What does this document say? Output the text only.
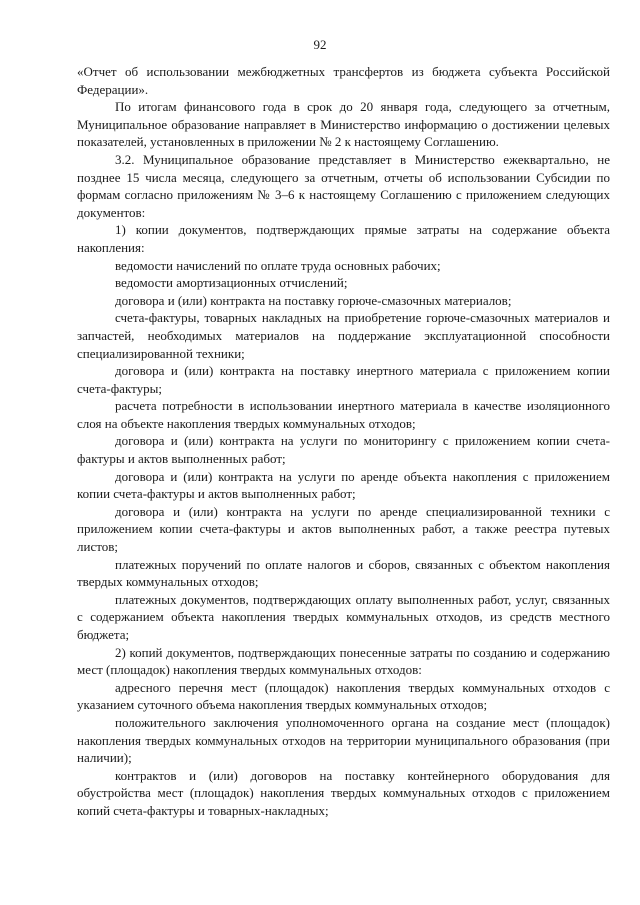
92

«Отчет об использовании межбюджетных трансфертов из бюджета субъекта Российской Федерации».

По итогам финансового года в срок до 20 января года, следующего за отчетным, Муниципальное образование направляет в Министерство информацию о достижении целевых показателей, установленных в приложении № 2 к настоящему Соглашению.

3.2. Муниципальное образование представляет в Министерство ежеквартально, не позднее 15 числа месяца, следующего за отчетным, отчеты об использовании Субсидии по формам согласно приложениям № 3–6 к настоящему Соглашению с приложением следующих документов:

1) копии документов, подтверждающих прямые затраты на содержание объекта накопления:

ведомости начислений по оплате труда основных рабочих;

ведомости амортизационных отчислений;

договора и (или) контракта на поставку горюче-смазочных материалов;

счета-фактуры, товарных накладных на приобретение горюче-смазочных материалов и запчастей, необходимых материалов на поддержание эксплуатационной способности специализированной техники;

договора и (или) контракта на поставку инертного материала с приложением копии счета-фактуры;

расчета потребности в использовании инертного материала в качестве изоляционного слоя на объекте накопления твердых коммунальных отходов;

договора и (или) контракта на услуги по мониторингу с приложением копии счета-фактуры и актов выполненных работ;

договора и (или) контракта на услуги по аренде объекта накопления с приложением копии счета-фактуры и актов выполненных работ;

договора и (или) контракта на услуги по аренде специализированной техники с приложением копии счета-фактуры и актов выполненных работ, а также реестра путевых листов;

платежных поручений по оплате налогов и сборов, связанных с объектом накопления твердых коммунальных отходов;

платежных документов, подтверждающих оплату выполненных работ, услуг, связанных с содержанием объекта накопления твердых коммунальных отходов, из средств местного бюджета;

2) копий документов, подтверждающих понесенные затраты по созданию и содержанию мест (площадок) накопления твердых коммунальных отходов:

адресного перечня мест (площадок) накопления твердых коммунальных отходов с указанием суточного объема накопления твердых коммунальных отходов;

положительного заключения уполномоченного органа на создание мест (площадок) накопления твердых коммунальных отходов на территории муниципального образования (при наличии);

контрактов и (или) договоров на поставку контейнерного оборудования для обустройства мест (площадок) накопления твердых коммунальных отходов с приложением копий счета-фактуры и товарных-накладных;
